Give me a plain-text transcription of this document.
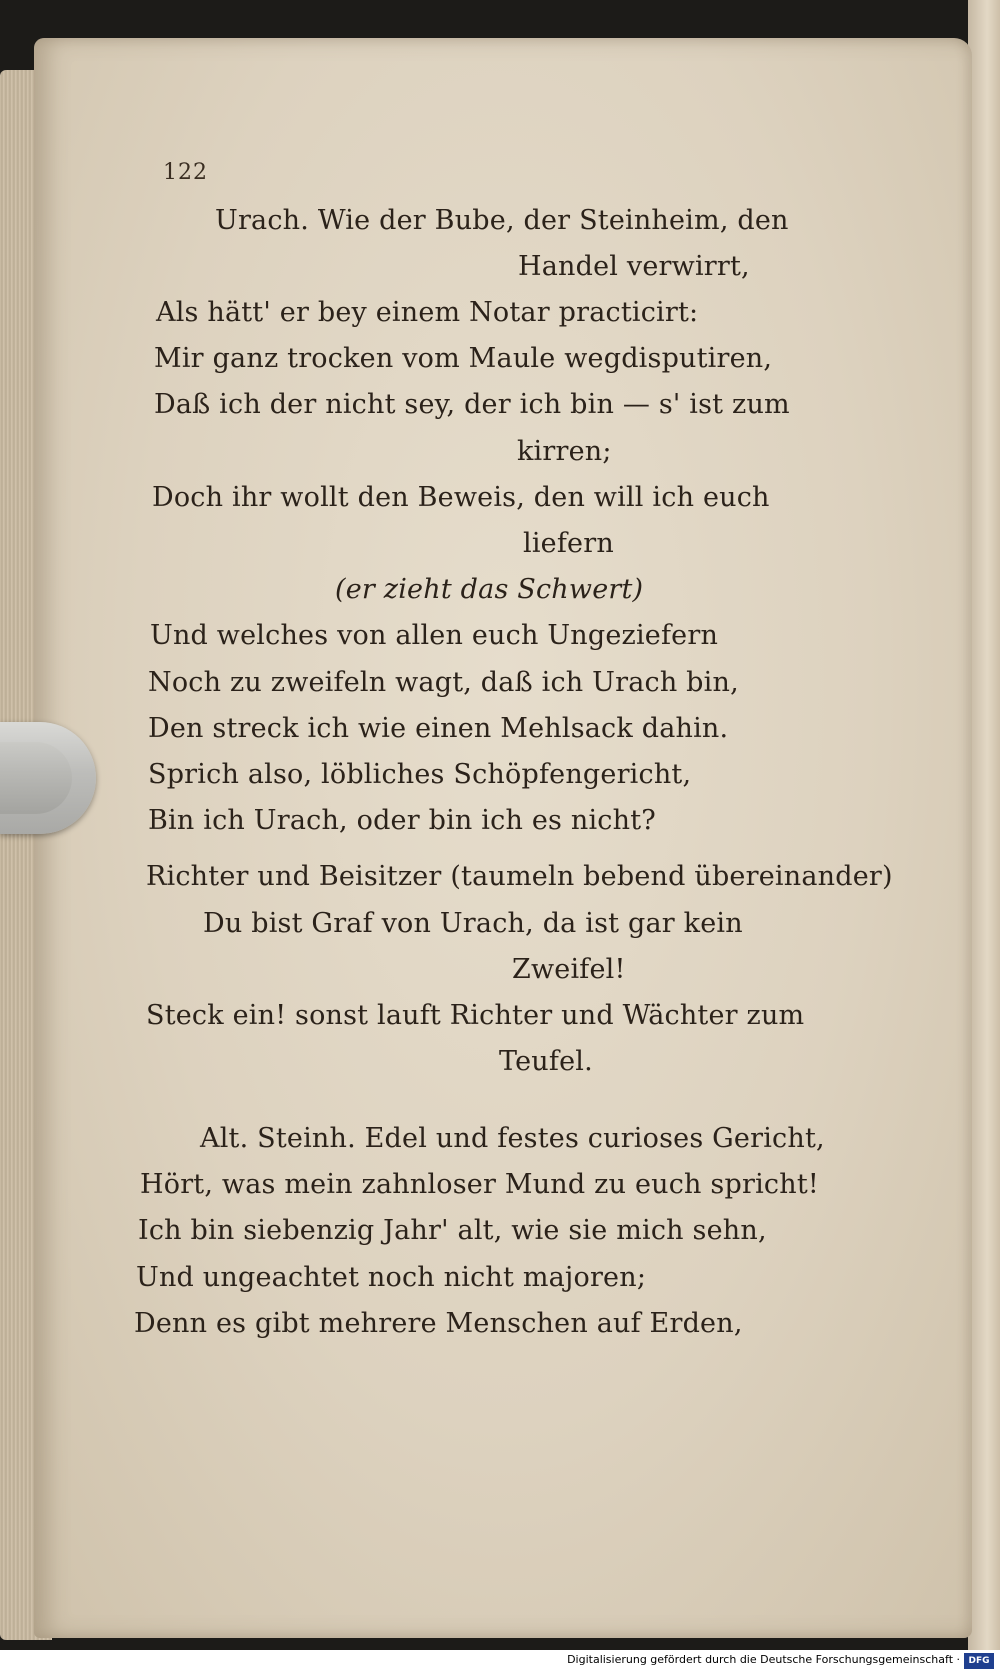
122
Urach. Wie der Bube, der Steinheim, den
Handel verwirrt,
Als hätt' er bey einem Notar practicirt:
Mir ganz trocken vom Maule wegdisputiren,
Daß ich der nicht sey, der ich bin — s' ist zum
kirren;
Doch ihr wollt den Beweis, den will ich euch
liefern
(er zieht das Schwert)
Und welches von allen euch Ungeziefern
Noch zu zweifeln wagt, daß ich Urach bin,
Den streck ich wie einen Mehlsack dahin.
Sprich also, löbliches Schöpfengericht,
Bin ich Urach, oder bin ich es nicht?
Richter und Beisitzer (taumeln bebend übereinander)
Du bist Graf von Urach, da ist gar kein
Zweifel!
Steck ein! sonst lauft Richter und Wächter zum
Teufel.
Alt. Steinh. Edel und festes curioses Gericht,
Hört, was mein zahnloser Mund zu euch spricht!
Ich bin siebenzig Jahr' alt, wie sie mich sehn,
Und ungeachtet noch nicht majoren;
Denn es gibt mehrere Menschen auf Erden,
Digitalisierung gefördert durch die Deutsche Forschungsgemeinschaft · DFG
